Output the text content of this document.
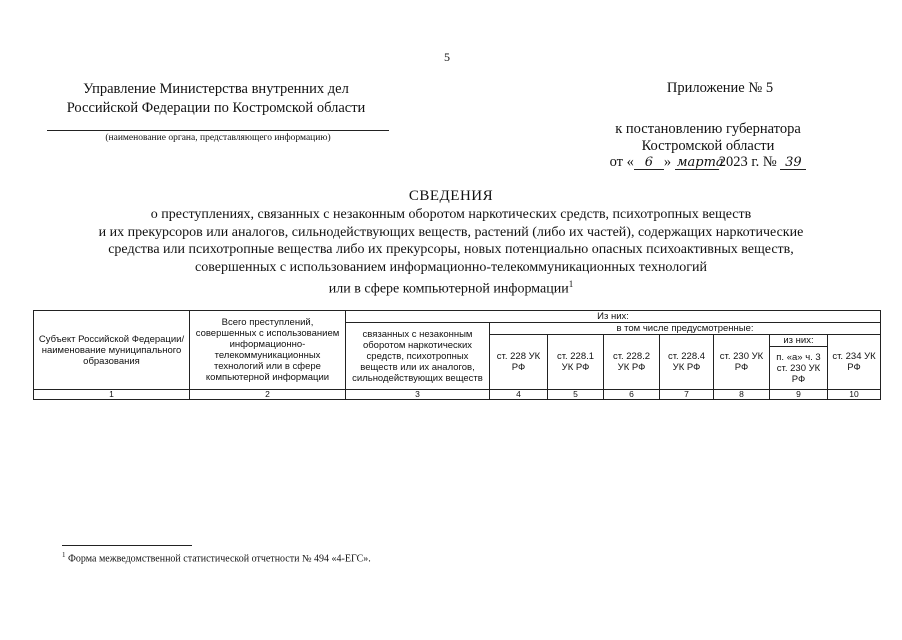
5
Управление Министерства внутренних дел
Российской Федерации по Костромской области
(наименование органа, представляющего информацию)
Приложение № 5
к постановлению губернатора
Костромской области
от « 6 » марта2023 г. № 39
СВЕДЕНИЯ
о преступлениях, связанных с незаконным оборотом наркотических средств, психотропных веществ
и их прекурсоров или аналогов, сильнодействующих веществ, растений (либо их частей), содержащих наркотические
средства или психотропные вещества либо их прекурсоры, новых потенциально опасных психоактивных веществ,
совершенных с использованием информационно-телекоммуникационных технологий
или в сфере компьютерной информации$^1$
Субъект Российской Федерации/ наименование муниципального образования	Всего преступлений, совершенных с использованием информационно-телекоммуникационных технологий или в сфере компьютерной информации	Из них:							
		связанных с незаконным оборотом наркотических средств, психотропных веществ или их аналогов, сильнодействующих веществ	в том числе предусмотренные:						
			ст. 228 УК РФ	ст. 228.1 УК РФ	ст. 228.2 УК РФ	ст. 228.4 УК РФ	ст. 230 УК РФ	из них:	ст. 234 УК РФ
								п. «а» ч. 3 ст. 230 УК РФ	
1	2	3	4	5	6	7	8	9	10
$^1$ Форма межведомственной статистической отчетности № 494 «4-ЕГС».
